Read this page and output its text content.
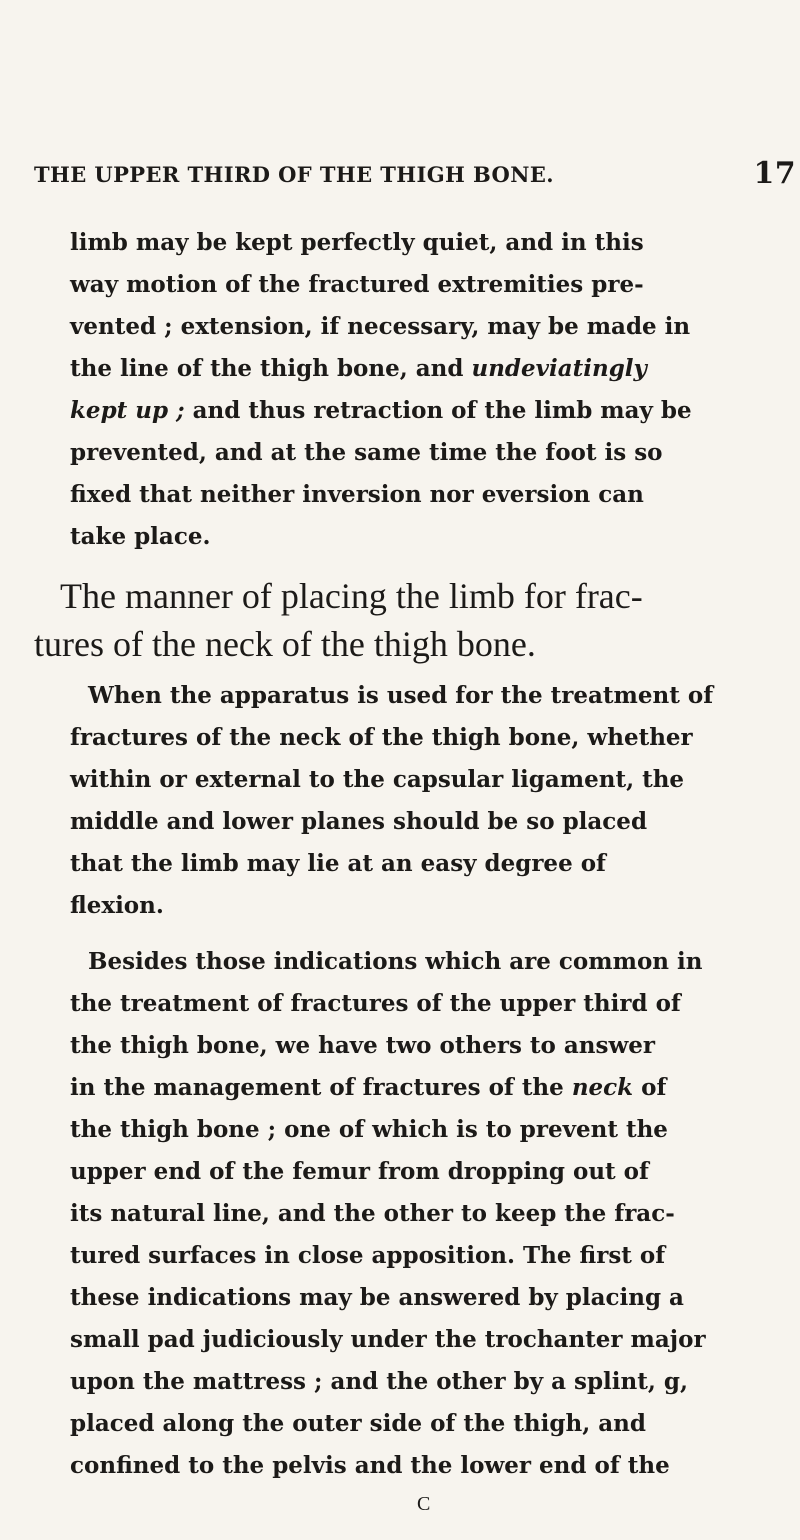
THE UPPER THIRD OF THE THIGH BONE.	17
limb may be kept perfectly quiet, and in this
way motion of the fractured extremities pre-
vented ; extension, if necessary, may be made in
the line of the thigh bone, and undeviatingly
kept up ; and thus retraction of the limb may be
prevented, and at the same time the foot is so
fixed that neither inversion nor eversion can
take place.
The manner of placing the limb for frac-
tures of the neck of the thigh bone.
When the apparatus is used for the treatment of
fractures of the neck of the thigh bone, whether
within or external to the capsular ligament, the
middle and lower planes should be so placed
that the limb may lie at an easy degree of
flexion.
Besides those indications which are common in
the treatment of fractures of the upper third of
the thigh bone, we have two others to answer
in the management of fractures of the neck of
the thigh bone ; one of which is to prevent the
upper end of the femur from dropping out of
its natural line, and the other to keep the frac-
tured surfaces in close apposition. The first of
these indications may be answered by placing a
small pad judiciously under the trochanter major
upon the mattress ; and the other by a splint, g,
placed along the outer side of the thigh, and
confined to the pelvis and the lower end of the
C
